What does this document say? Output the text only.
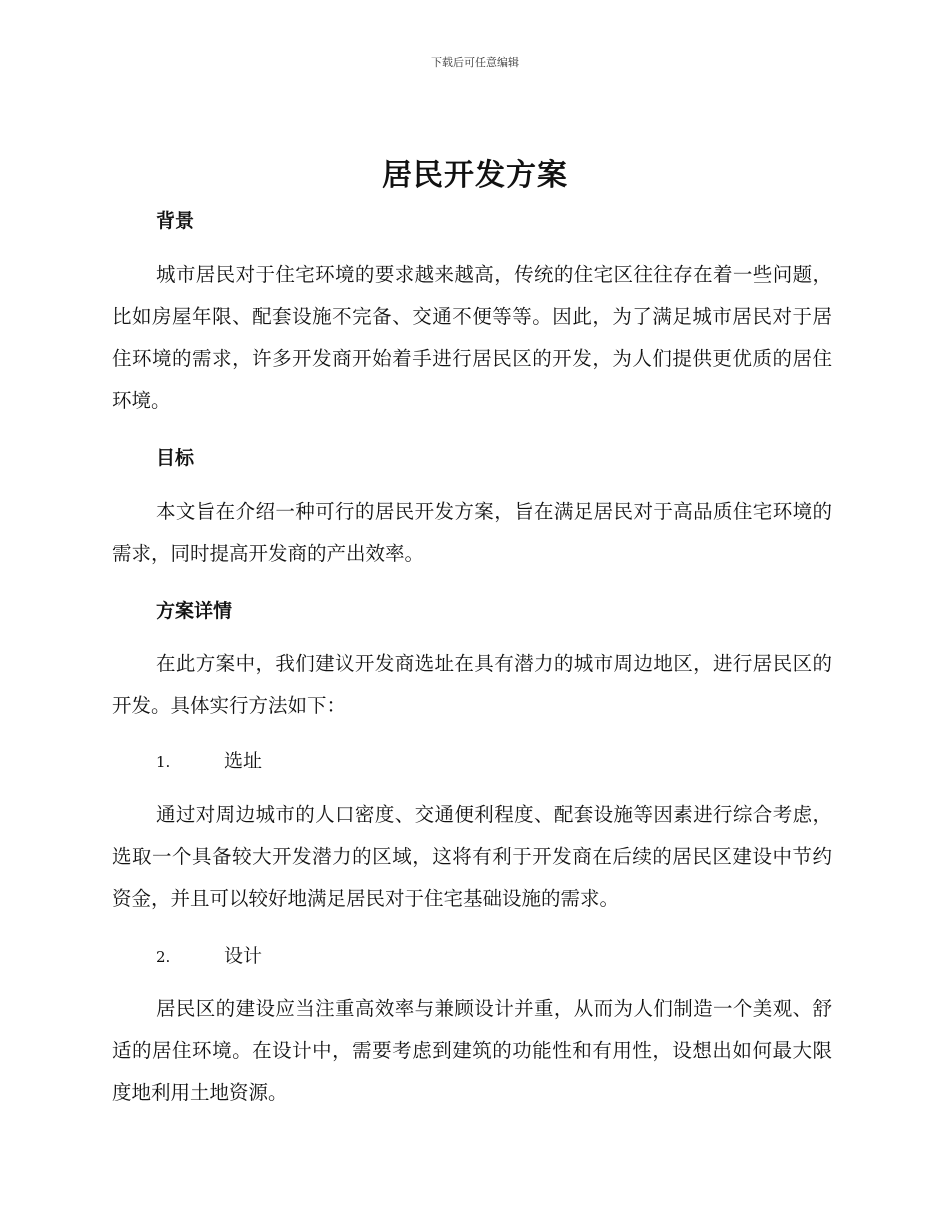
下载后可任意编辑
居民开发方案
背景

城市居民对于住宅环境的要求越来越高，传统的住宅区往往存在着一些问题，比如房屋年限、配套设施不完备、交通不便等等。因此，为了满足城市居民对于居住环境的需求，许多开发商开始着手进行居民区的开发，为人们提供更优质的居住环境。

目标

本文旨在介绍一种可行的居民开发方案，旨在满足居民对于高品质住宅环境的需求，同时提高开发商的产出效率。

方案详情

在此方案中，我们建议开发商选址在具有潜力的城市周边地区，进行居民区的开发。具体实行方法如下：

1.	选址

通过对周边城市的人口密度、交通便利程度、配套设施等因素进行综合考虑，选取一个具备较大开发潜力的区域，这将有利于开发商在后续的居民区建设中节约资金，并且可以较好地满足居民对于住宅基础设施的需求。

2.	设计

居民区的建设应当注重高效率与兼顾设计并重，从而为人们制造一个美观、舒适的居住环境。在设计中，需要考虑到建筑的功能性和有用性，设想出如何最大限度地利用土地资源。
